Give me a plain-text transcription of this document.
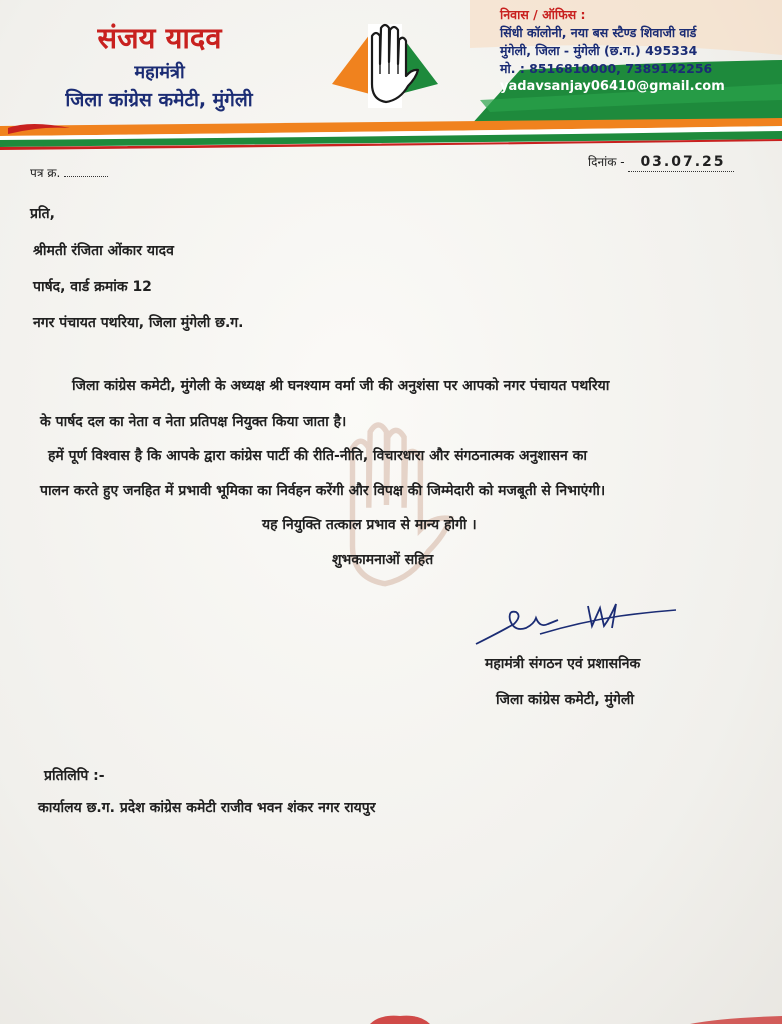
संजय यादव
महामंत्री
जिला कांग्रेस कमेटी, मुंगेली
निवास / ऑफिस :
सिंधी कॉलोनी, नया बस स्टैण्ड शिवाजी वार्ड
मुंगेली, जिला - मुंगेली (छ.ग.) 495334
मो. : 8516810000, 7389142256
yadavsanjay06410@gmail.com
पत्र क्र.
दिनांक - 03.07.25
प्रति,
श्रीमती रंजिता ओंकार यादव
पार्षद, वार्ड क्रमांक 12
नगर पंचायत पथरिया, जिला मुंगेली छ.ग.
जिला कांग्रेस कमेटी, मुंगेली के अध्यक्ष श्री घनश्याम वर्मा जी की अनुशंसा पर आपको नगर पंचायत पथरिया
के पार्षद दल का नेता व नेता प्रतिपक्ष नियुक्त किया जाता है।
हमें पूर्ण विश्वास है कि आपके द्वारा कांग्रेस पार्टी की रीति-नीति, विचारधारा और संगठनात्मक अनुशासन का
पालन करते हुए जनहित में प्रभावी भूमिका का निर्वहन करेंगी और विपक्ष की जिम्मेदारी को मजबूती से निभाएंगी।
यह नियुक्ति तत्काल प्रभाव से मान्य होगी ।
शुभकामनाओं सहित
महामंत्री संगठन एवं प्रशासनिक
जिला कांग्रेस कमेटी, मुंगेली
प्रतिलिपि :-
कार्यालय छ.ग. प्रदेश कांग्रेस कमेटी राजीव भवन शंकर नगर रायपुर
